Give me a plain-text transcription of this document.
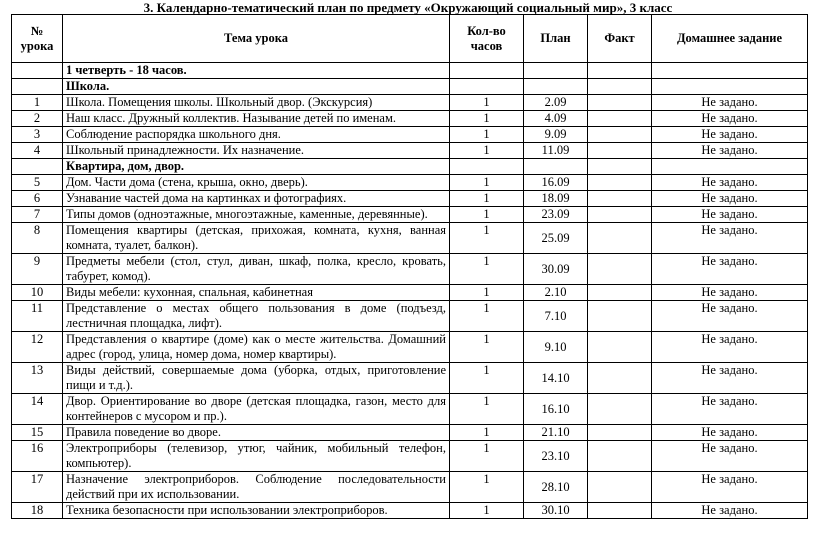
3. Календарно-тематический план по предмету «Окружающий социальный мир», 3 класс
№ урока	Тема урока	Кол-во часов	План	Факт	Домашнее задание
	1 четверть - 18 часов.				
	Школа.				
1	Школа. Помещения школы. Школьный двор. (Экскурсия)	1	2.09		Не задано.
2	Наш класс. Дружный коллектив. Называние детей по именам.	1	4.09		Не задано.
3	Соблюдение распорядка школьного дня.	1	9.09		Не задано.
4	Школьный принадлежности. Их назначение.	1	11.09		Не задано.
	Квартира, дом, двор.				
5	Дом. Части дома (стена, крыша, окно, дверь).	1	16.09		Не задано.
6	Узнавание частей дома на картинках и фотографиях.	1	18.09		Не задано.
7	Типы домов (одноэтажные, многоэтажные, каменные, деревянные).	1	23.09		Не задано.
8	Помещения квартиры (детская, прихожая, комната, кухня, ванная комната, туалет, балкон).	1	25.09		Не задано.
9	Предметы мебели (стол, стул, диван, шкаф, полка, кресло, кровать, табурет, комод).	1	30.09		Не задано.
10	Виды мебели: кухонная, спальная, кабинетная	1	2.10		Не задано.
11	Представление о местах общего пользования в доме (подъезд, лестничная площадка, лифт).	1	7.10		Не задано.
12	Представления о квартире (доме) как о месте жительства. Домашний адрес (город, улица, номер дома, номер квартиры).	1	9.10		Не задано.
13	Виды действий, совершаемые дома (уборка, отдых, приготовление пищи и т.д.).	1	14.10		Не задано.
14	Двор. Ориентирование во дворе (детская площадка, газон, место для контейнеров с мусором и пр.).	1	16.10		Не задано.
15	Правила поведение во дворе.	1	21.10		Не задано.
16	Электроприборы (телевизор, утюг, чайник, мобильный телефон, компьютер).	1	23.10		Не задано.
17	Назначение электроприборов. Соблюдение последовательности действий при их использовании.	1	28.10		Не задано.
18	Техника безопасности при использовании электроприборов.	1	30.10		Не задано.
